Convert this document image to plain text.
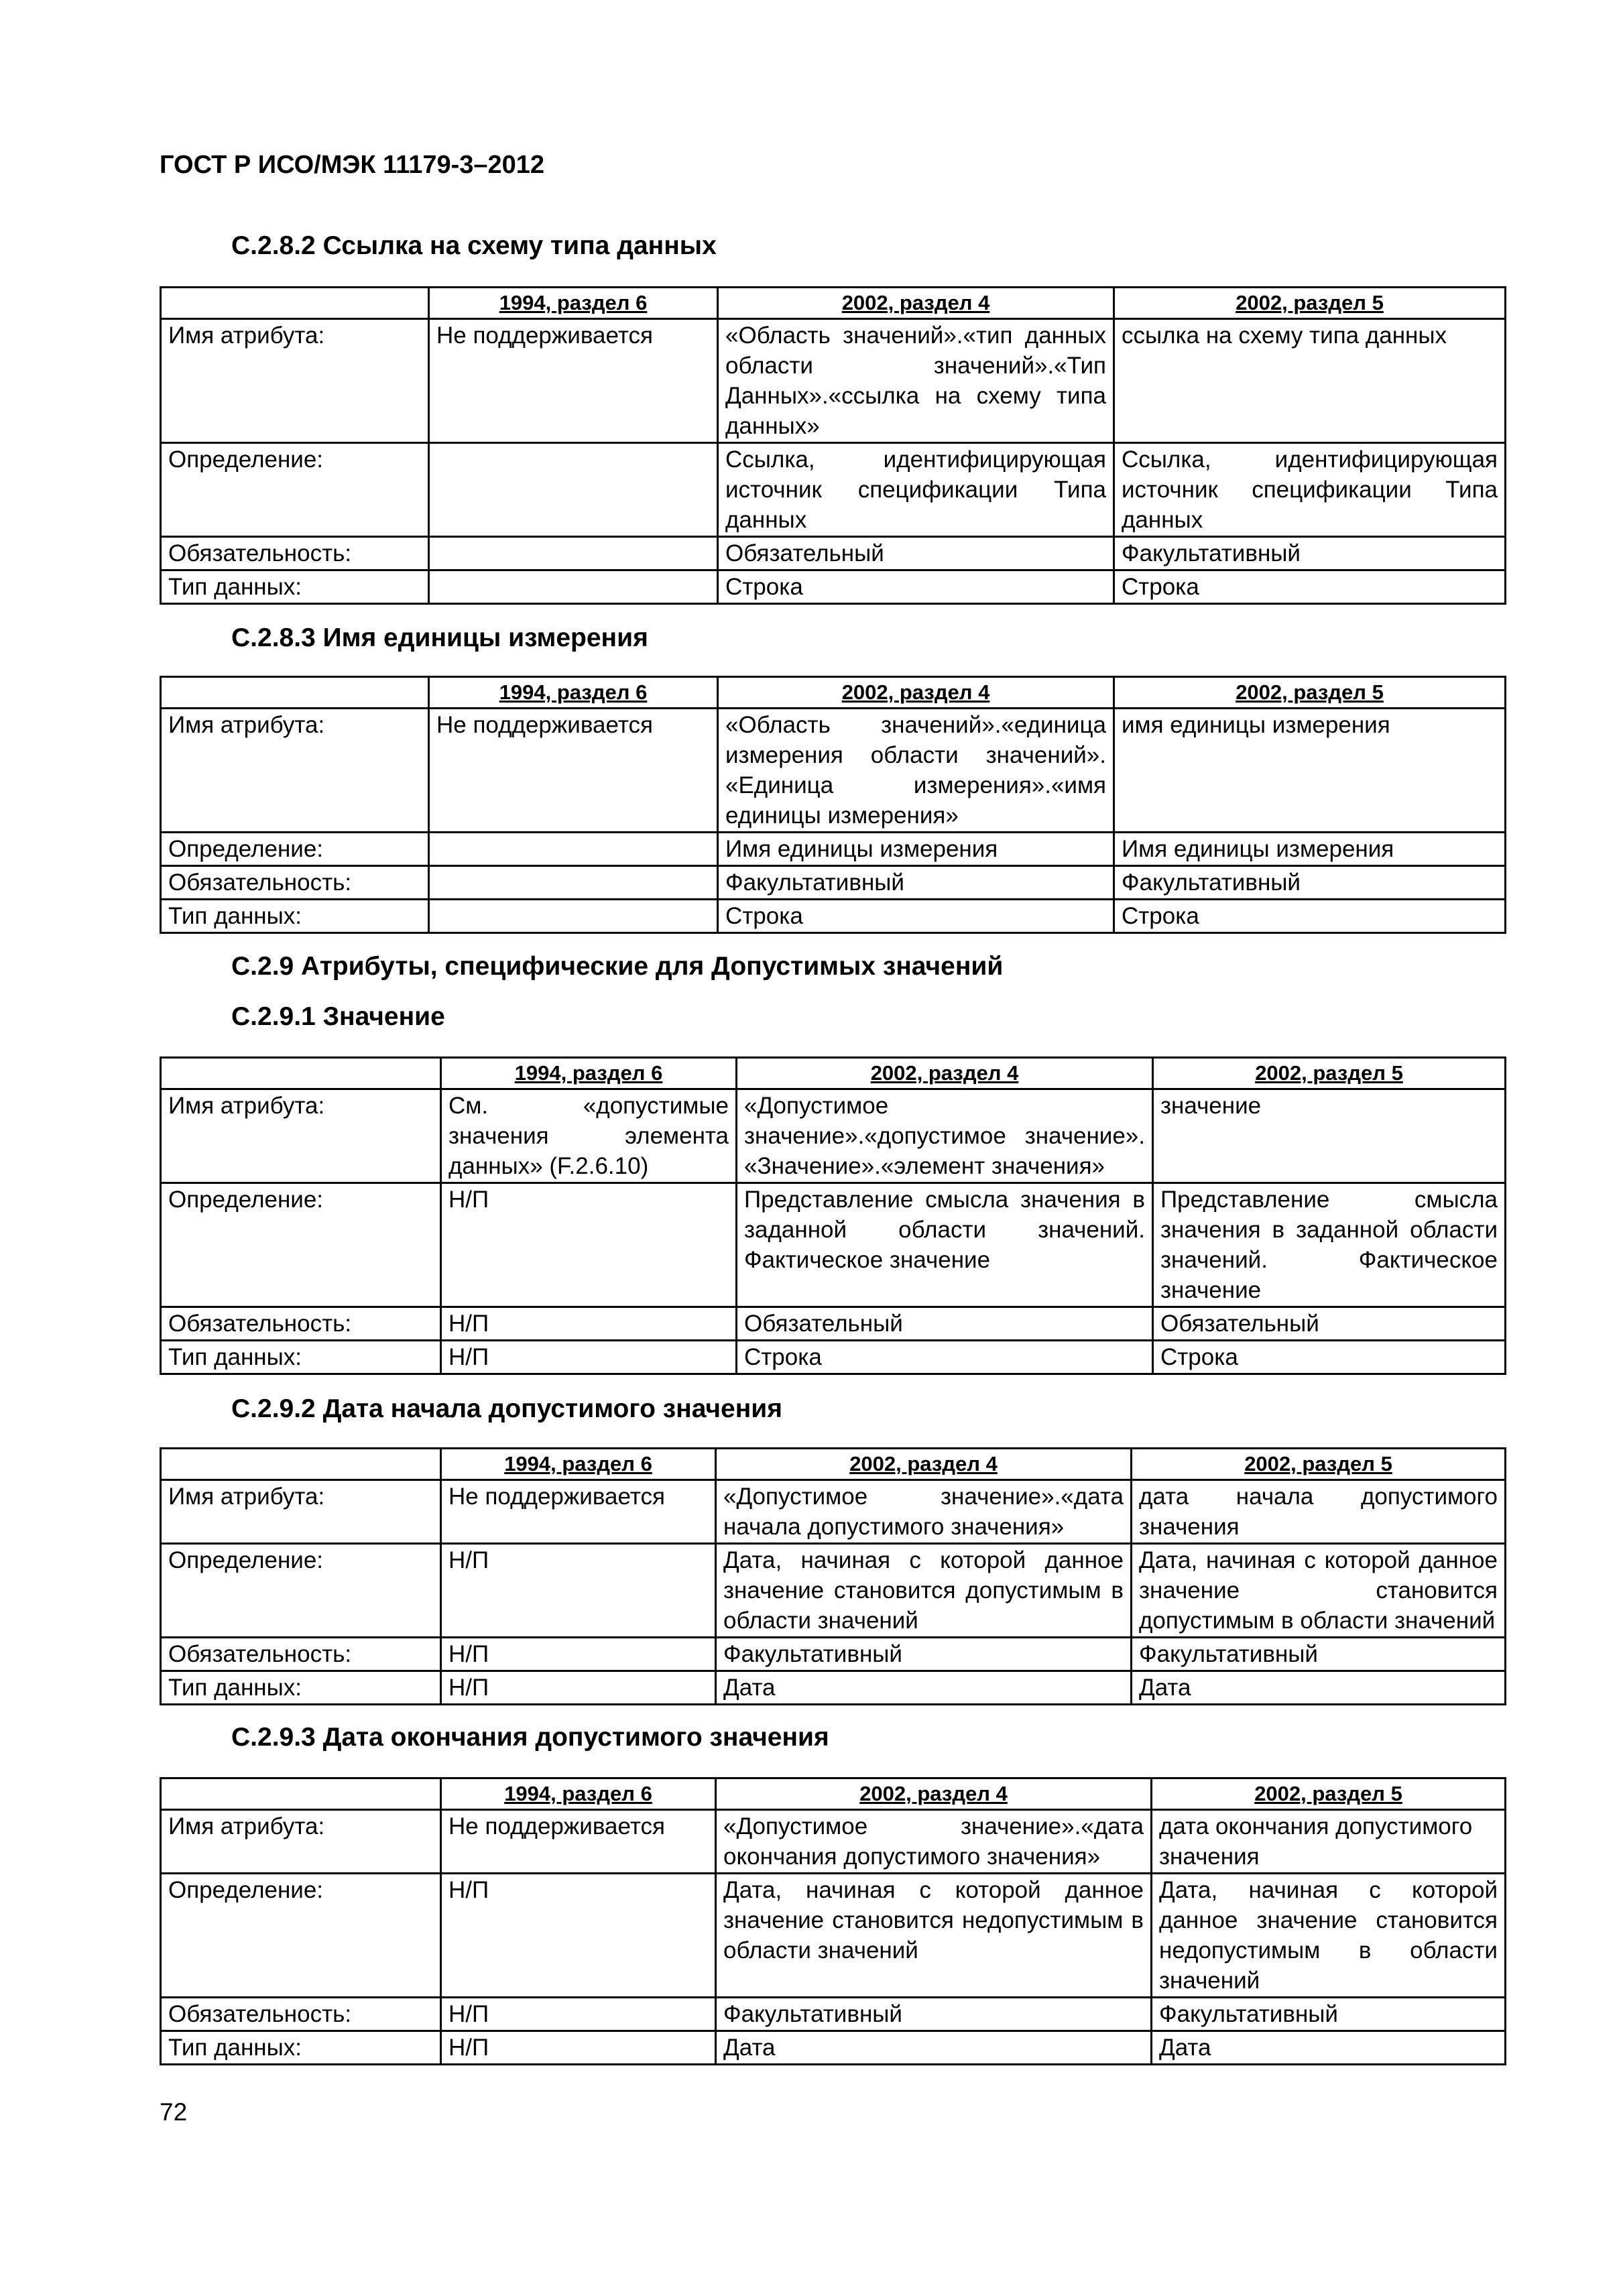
ГОСТ Р ИСО/МЭК 11179-3–2012
С.2.8.2 Ссылка на схему типа данных
	1994, раздел 6	2002, раздел 4	2002, раздел 5
Имя атрибута:	Не поддерживается	«Область значений».«тип данных области значений».«Тип Данных».«ссылка на схему типа данных»	ссылка на схему типа данных
Определение:		Ссылка, идентифицирующая источник спецификации Типа данных	Ссылка, идентифицирующая источник спецификации Типа данных
Обязательность:		Обязательный	Факультативный
Тип данных:		Строка	Строка
С.2.8.3 Имя единицы измерения
	1994, раздел 6	2002, раздел 4	2002, раздел 5
Имя атрибута:	Не поддерживается	«Область значений».«единица измерения области значений». «Единица измерения».«имя единицы измерения»	имя единицы измерения
Определение:		Имя единицы измерения	Имя единицы измерения
Обязательность:		Факультативный	Факультативный
Тип данных:		Строка	Строка
С.2.9 Атрибуты, специфические для Допустимых значений
С.2.9.1 Значение
	1994, раздел 6	2002, раздел 4	2002, раздел 5
Имя атрибута:	См. «допустимые значения элемента данных» (F.2.6.10)	«Допустимое значение».«допустимое значение». «Значение».«элемент значения»	значение
Определение:	Н/П	Представление смысла значения в заданной области значений. Фактическое значение	Представление смысла значения в заданной области значений. Фактическое значение
Обязательность:	Н/П	Обязательный	Обязательный
Тип данных:	Н/П	Строка	Строка
С.2.9.2 Дата начала допустимого значения
	1994, раздел 6	2002, раздел 4	2002, раздел 5
Имя атрибута:	Не поддерживается	«Допустимое значение».«дата начала допустимого значения»	дата начала допустимого значения
Определение:	Н/П	Дата, начиная с которой данное значение становится допустимым в области значений	Дата, начиная с которой данное значение становится допустимым в области значений
Обязательность:	Н/П	Факультативный	Факультативный
Тип данных:	Н/П	Дата	Дата
С.2.9.3 Дата окончания допустимого значения
	1994, раздел 6	2002, раздел 4	2002, раздел 5
Имя атрибута:	Не поддерживается	«Допустимое значение».«дата окончания допустимого значения»	дата окончания допустимого значения
Определение:	Н/П	Дата, начиная с которой данное значение становится недопустимым в области значений	Дата, начиная с которой данное значение становится недопустимым в области значений
Обязательность:	Н/П	Факультативный	Факультативный
Тип данных:	Н/П	Дата	Дата
72
